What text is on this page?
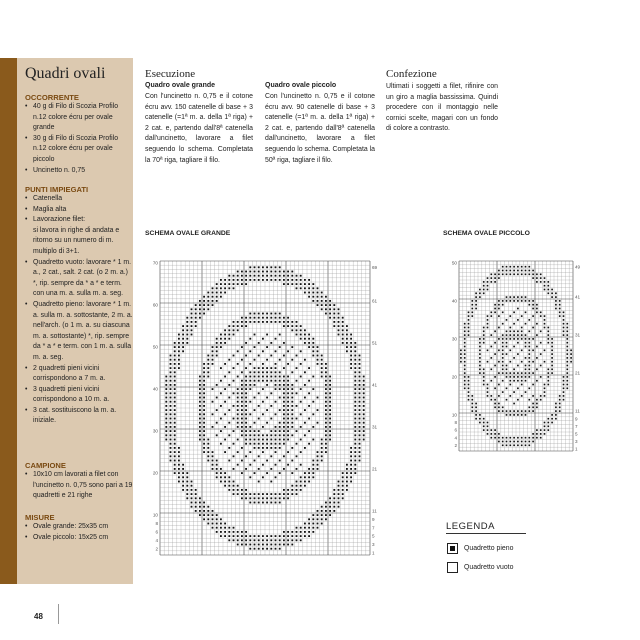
Quadri ovali
OCCORRENTE
• 40 g di Filo di Scozia Profilo n.12 colore écru per ovale grande
• 30 g di Filo di Scozia Profilo n.12 colore écru per ovale piccolo
• Uncinetto n. 0,75
PUNTI IMPIEGATI
• Catenella
• Maglia alta
• Lavorazione filet:
si lavora in righe di andata e ritorno su un numero di m. multiplo di 3+1.
• Quadretto vuoto: lavorare * 1 m. a., 2 cat., salt. 2 cat. (o 2 m. a.) *, rip. sempre da * a * e term. con una m. a. sulla m. a. seg.
• Quadretto pieno: lavorare * 1 m. a. sulla m. a. sottostante, 2 m. a. nell'arch. (o 1 m. a. su ciascuna m. a. sottostante) *, rip. sempre da * a * e term. con 1 m. a. sulla m. a. seg.
• 2 quadretti pieni vicini corrispondono a 7 m. a.
• 3 quadretti pieni vicini corrispondono a 10 m. a.
• 3 cat. sostituiscono la m. a. iniziale.
CAMPIONE
• 10x10 cm lavorati a filet con l'uncinetto n. 0,75 sono pari a 19 quadretti e 21 righe
MISURE
• Ovale grande: 25x35 cm
• Ovale piccolo: 15x25 cm
Esecuzione
Quadro ovale grande
Con l'uncinetto n. 0,75 e il cotone écru avv. 150 catenelle di base + 3 catenelle (=1ª m. a. della 1ª riga) + 2 cat. e, partendo dall'8ª catenella dall'uncinetto, lavorare a filet seguendo lo schema. Completata la 70ª riga, tagliare il filo.
Quadro ovale piccolo
Con l'uncinetto n. 0,75 e il cotone écru avv. 90 catenelle di base + 3 catenelle (=1ª m. a. della 1ª riga) + 2 cat. e, partendo dall'8ª catenella dall'uncinetto, lavorare a filet seguendo lo schema. Completata la 50ª riga, tagliare il filo.
Confezione
Ultimati i soggetti a filet, rifinire con un giro a maglia bassissima. Quindi procedere con il montaggio nelle cornici scelte, magari con un fondo di colore a contrasto.
SCHEMA OVALE GRANDE
70
60
50
40
30
20
10
8
6
4
2
69
61
51
41
31
21
11
9
7
5
3
1
SCHEMA OVALE PICCOLO
50
40
30
20
10
8
6
4
2
49
41
31
21
11
9
7
5
3
1
LEGENDA
Quadretto pieno
Quadretto vuoto
48
